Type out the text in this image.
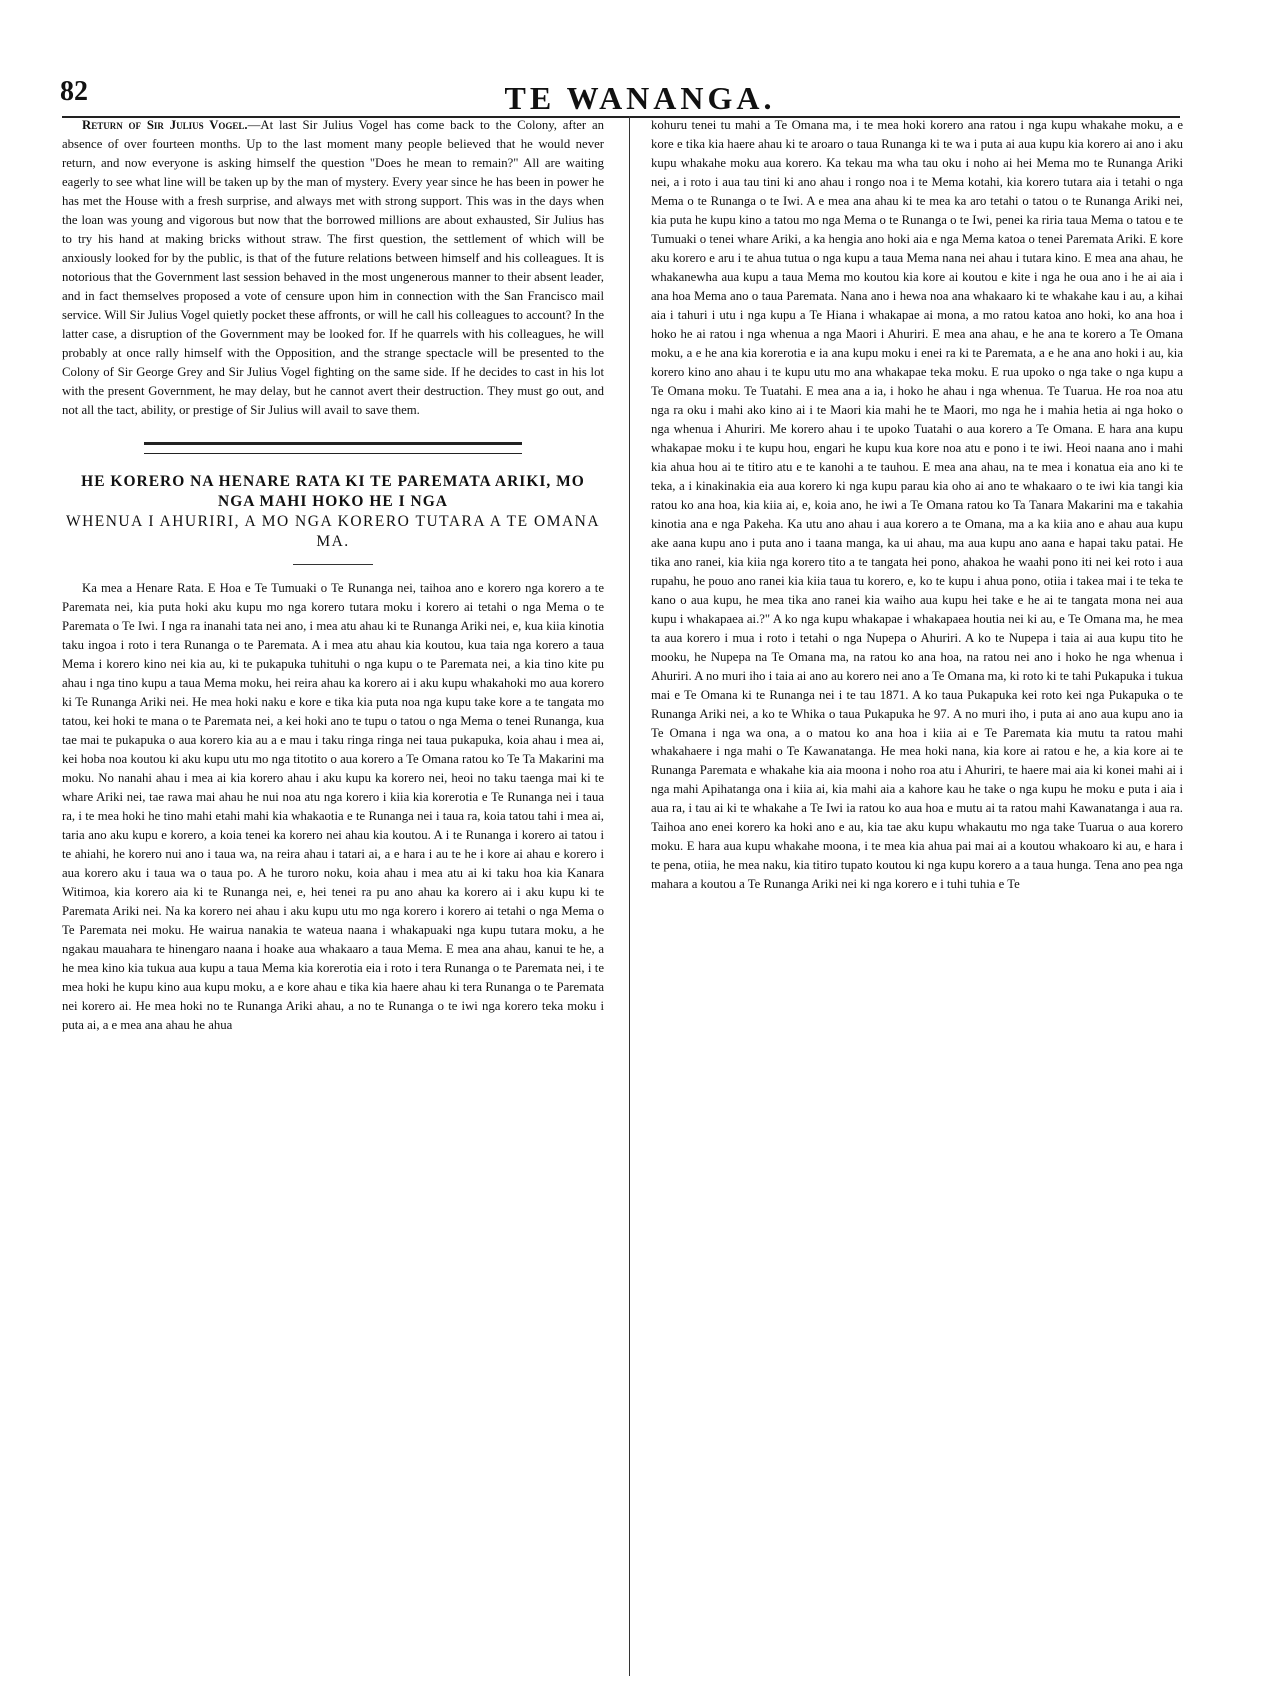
82	TE WANANGA.

Return of Sir Julius Vogel.—At last Sir Julius Vogel has come back to the Colony, after an absence of over fourteen months. Up to the last moment many people believed that he would never return, and now everyone is asking himself the question "Does he mean to remain?" All are waiting eagerly to see what line will be taken up by the man of mystery. Every year since he has been in power he has met the House with a fresh surprise, and always met with strong support. This was in the days when the loan was young and vigorous but now that the borrowed millions are about exhausted, Sir Julius has to try his hand at making bricks without straw. The first question, the settlement of which will be anxiously looked for by the public, is that of the future relations between himself and his colleagues. It is notorious that the Government last session behaved in the most ungenerous manner to their absent leader, and in fact themselves proposed a vote of censure upon him in connection with the San Francisco mail service. Will Sir Julius Vogel quietly pocket these affronts, or will he call his colleagues to account? In the latter case, a disruption of the Government may be looked for. If he quarrels with his colleagues, he will probably at once rally himself with the Opposition, and the strange spectacle will be presented to the Colony of Sir George Grey and Sir Julius Vogel fighting on the same side. If he decides to cast in his lot with the present Government, he may delay, but he cannot avert their destruction. They must go out, and not all the tact, ability, or prestige of Sir Julius will avail to save them.

HE KORERO NA HENARE RATA KI TE PAREMATA ARIKI, MO NGA MAHI HOKO HE I NGA
WHENUA I AHURIRI, A MO NGA KORERO TUTARA A TE OMANA MA.

Ka mea a Henare Rata. E Hoa e Te Tumuaki o Te Runanga nei, taihoa ano e korero nga korero a te Paremata nei, kia puta hoki aku kupu mo nga korero tutara moku i korero ai tetahi o nga Mema o te Paremata o Te Iwi. I nga ra inanahi tata nei ano, i mea atu ahau ki te Runanga Ariki nei, e, kua kiia kinotia taku ingoa i roto i tera Runanga o te Paremata. A i mea atu ahau kia koutou, kua taia nga korero a taua Mema i korero kino nei kia au, ki te pukapuka tuhituhi o nga kupu o te Paremata nei, a kia tino kite pu ahau i nga tino kupu a taua Mema moku, hei reira ahau ka korero ai i aku kupu whakahoki mo aua korero ki Te Runanga Ariki nei. He mea hoki naku e kore e tika kia puta noa nga kupu take kore a te tangata mo tatou, kei hoki te mana o te Paremata nei, a kei hoki ano te tupu o tatou o nga Mema o tenei Runanga, kua tae mai te pukapuka o aua korero kia au a e mau i taku ringa ringa nei taua pukapuka, koia ahau i mea ai, kei hoba noa koutou ki aku kupu utu mo nga titotito o aua korero a Te Omana ratou ko Te Ta Makarini ma moku. No nanahi ahau i mea ai kia korero ahau i aku kupu ka korero nei, heoi no taku taenga mai ki te whare Ariki nei, tae rawa mai ahau he nui noa atu nga korero i kiia kia korerotia e Te Runanga nei i taua ra, i te mea hoki he tino mahi etahi mahi kia whakaotia e te Runanga nei i taua ra, koia tatou tahi i mea ai, taria ano aku kupu e korero, a koia tenei ka korero nei ahau kia koutou. A i te Runanga i korero ai tatou i te ahiahi, he korero nui ano i taua wa, na reira ahau i tatari ai, a e hara i au te he i kore ai ahau e korero i aua korero aku i taua wa o taua po. A he turoro noku, koia ahau i mea atu ai ki taku hoa kia Kanara Witimoa, kia korero aia ki te Runanga nei, e, hei tenei ra pu ano ahau ka korero ai i aku kupu ki te Paremata Ariki nei. Na ka korero nei ahau i aku kupu utu mo nga korero i korero ai tetahi o nga Mema o Te Paremata nei moku. He wairua nanakia te wateua naana i whakapuaki nga kupu tutara moku, a he ngakau mauahara te hinengaro naana i hoake aua whakaaro a taua Mema. E mea ana ahau, kanui te he, a he mea kino kia tukua aua kupu a taua Mema kia korerotia eia i roto i tera Runanga o te Paremata nei, i te mea hoki he kupu kino aua kupu moku, a e kore ahau e tika kia haere ahau ki tera Runanga o te Paremata nei korero ai. He mea hoki no te Runanga Ariki ahau, a no te Runanga o te iwi nga korero teka moku i puta ai, a e mea ana ahau he ahua

kohuru tenei tu mahi a Te Omana ma, i te mea hoki korero ana ratou i nga kupu whakahe moku, a e kore e tika kia haere ahau ki te aroaro o taua Runanga ki te wa i puta ai aua kupu kia korero ai ano i aku kupu whakahe moku aua korero. Ka tekau ma wha tau oku i noho ai hei Mema mo te Runanga Ariki nei, a i roto i aua tau tini ki ano ahau i rongo noa i te Mema kotahi, kia korero tutara aia i tetahi o nga Mema o te Runanga o te Iwi. A e mea ana ahau ki te mea ka aro tetahi o tatou o te Runanga Ariki nei, kia puta he kupu kino a tatou mo nga Mema o te Runanga o te Iwi, penei ka riria taua Mema o tatou e te Tumuaki o tenei whare Ariki, a ka hengia ano hoki aia e nga Mema katoa o tenei Paremata Ariki. E kore aku korero e aru i te ahua tutua o nga kupu a taua Mema nana nei ahau i tutara kino. E mea ana ahau, he whakanewha aua kupu a taua Mema mo koutou kia kore ai koutou e kite i nga he oua ano i he ai aia i ana hoa Mema ano o taua Paremata. Nana ano i hewa noa ana whakaaro ki te whakahe kau i au, a kihai aia i tahuri i utu i nga kupu a Te Hiana i whakapae ai mona, a mo ratou katoa ano hoki, ko ana hoa i hoko he ai ratou i nga whenua a nga Maori i Ahuriri. E mea ana ahau, e he ana te korero a Te Omana moku, a e he ana kia korerotia e ia ana kupu moku i enei ra ki te Paremata, a e he ana ano hoki i au, kia korero kino ano ahau i te kupu utu mo ana whakapae teka moku. E rua upoko o nga take o nga kupu a Te Omana moku. Te Tuatahi. E mea ana a ia, i hoko he ahau i nga whenua. Te Tuarua. He roa noa atu nga ra oku i mahi ako kino ai i te Maori kia mahi he te Maori, mo nga he i mahia hetia ai nga hoko o nga whenua i Ahuriri. Me korero ahau i te upoko Tuatahi o aua korero a Te Omana. E hara ana kupu whakapae moku i te kupu hou, engari he kupu kua kore noa atu e pono i te iwi. Heoi naana ano i mahi kia ahua hou ai te titiro atu e te kanohi a te tauhou. E mea ana ahau, na te mea i konatua eia ano ki te teka, a i kinakinakia eia aua korero ki nga kupu parau kia oho ai ano te whakaaro o te iwi kia tangi kia ratou ko ana hoa, kia kiia ai, e, koia ano, he iwi a Te Omana ratou ko Ta Tanara Makarini ma e takahia kinotia ana e nga Pakeha. Ka utu ano ahau i aua korero a te Omana, ma a ka kiia ano e ahau aua kupu ake aana kupu ano i puta ano i taana manga, ka ui ahau, ma aua kupu ano aana e hapai taku patai. He tika ano ranei, kia kiia nga korero tito a te tangata hei pono, ahakoa he waahi pono iti nei kei roto i aua rupahu, he pouo ano ranei kia kiia taua tu korero, e, ko te kupu i ahua pono, otiia i takea mai i te teka te kano o aua kupu, he mea tika ano ranei kia waiho aua kupu hei take e he ai te tangata mona nei aua kupu i whakapaea ai.?" A ko nga kupu whakapae i whakapaea houtia nei ki au, e Te Omana ma, he mea ta aua korero i mua i roto i tetahi o nga Nupepa o Ahuriri. A ko te Nupepa i taia ai aua kupu tito he mooku, he Nupepa na Te Omana ma, na ratou ko ana hoa, na ratou nei ano i hoko he nga whenua i Ahuriri. A no muri iho i taia ai ano au korero nei ano a Te Omana ma, ki roto ki te tahi Pukapuka i tukua mai e Te Omana ki te Runanga nei i te tau 1871. A ko taua Pukapuka kei roto kei nga Pukapuka o te Runanga Ariki nei, a ko te Whika o taua Pukapuka he 97. A no muri iho, i puta ai ano aua kupu ano ia Te Omana i nga wa ona, a o matou ko ana hoa i kiia ai e Te Paremata kia mutu ta ratou mahi whakahaere i nga mahi o Te Kawanatanga. He mea hoki nana, kia kore ai ratou e he, a kia kore ai te Runanga Paremata e whakahe kia aia moona i noho roa atu i Ahuriri, te haere mai aia ki konei mahi ai i nga mahi Apihatanga ona i kiia ai, kia mahi aia a kahore kau he take o nga kupu he moku e puta i aia i aua ra, i tau ai ki te whakahe a Te Iwi ia ratou ko aua hoa e mutu ai ta ratou mahi Kawanatanga i aua ra. Taihoa ano enei korero ka hoki ano e au, kia tae aku kupu whakautu mo nga take Tuarua o aua korero moku. E hara aua kupu whakahe moona, i te mea kia ahua pai mai ai a koutou whakoaro ki au, e hara i te pena, otiia, he mea naku, kia titiro tupato koutou ki nga kupu korero a a taua hunga. Tena ano pea nga mahara a koutou a Te Runanga Ariki nei ki nga korero e i tuhi tuhia e Te
